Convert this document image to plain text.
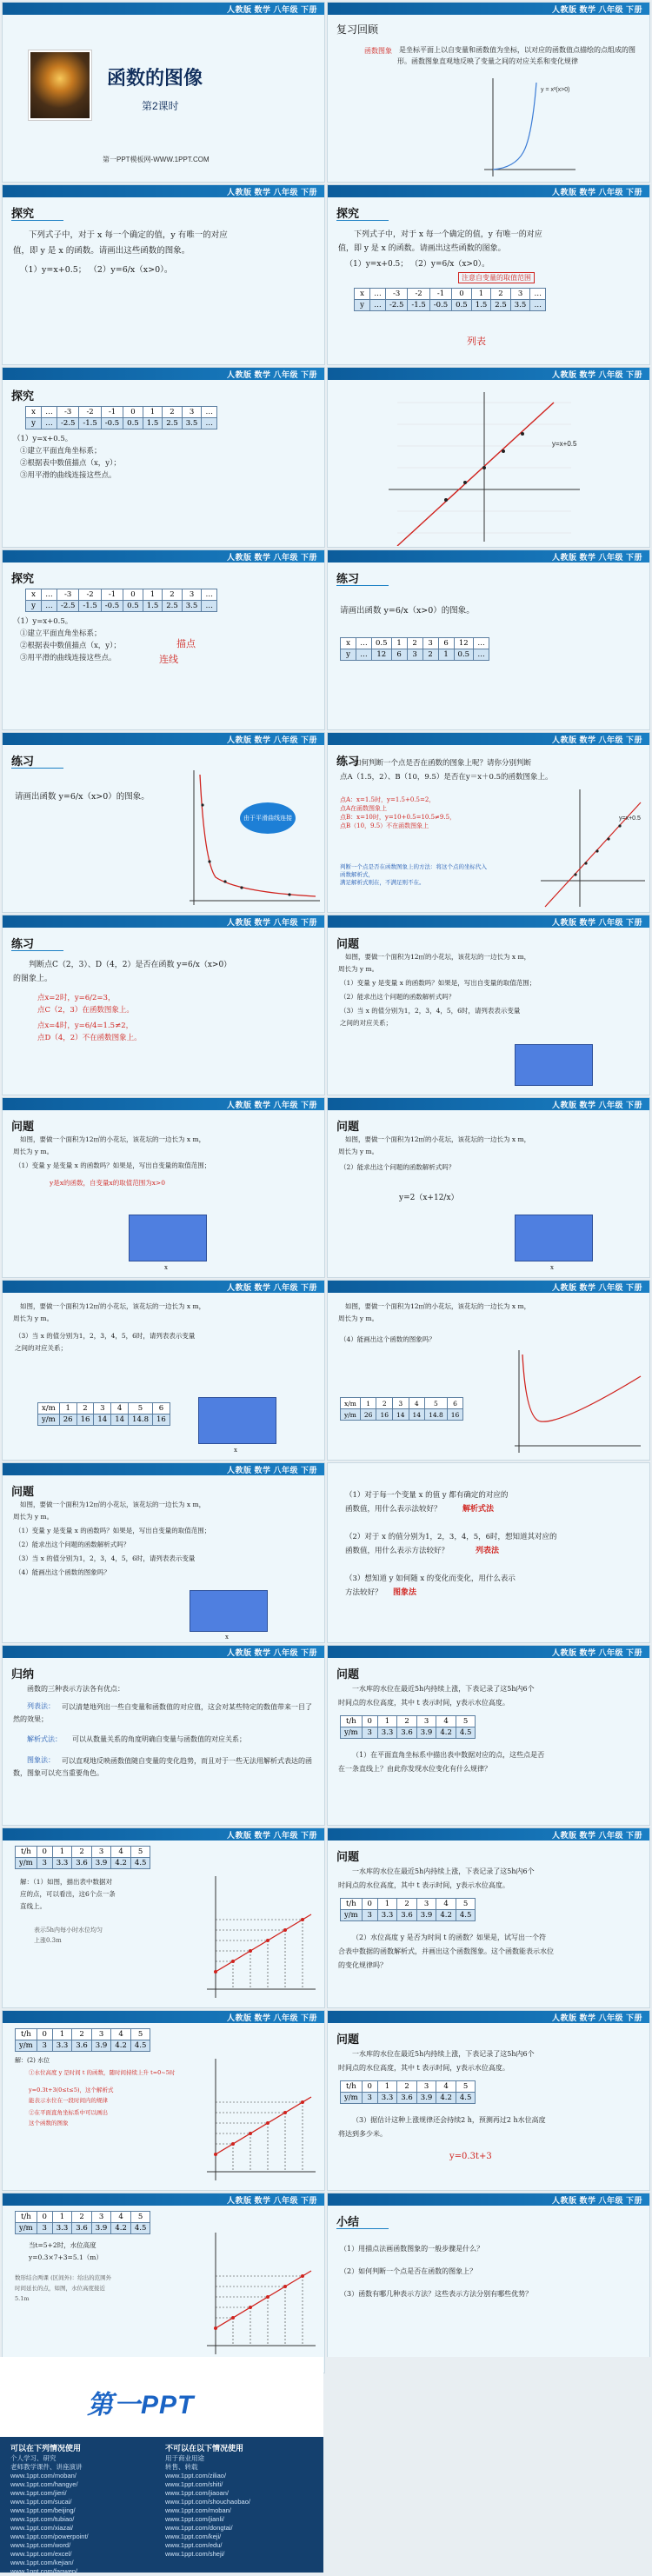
人教版 数学 八年级 下册
函数的图像
第2课时
第一PPT模板网-WWW.1PPT.COM
人教版 数学 八年级 下册
复习回顾
函数图象 是坐标平面上以自变量和函数值为坐标，以对应的函数值点描绘的点组成的图形。函数图象直观地反映了变量之间的对应关系和变化规律
y = x²(x>0)
人教版 数学 八年级 下册
探究
下列式子中，对于 x 每一个确定的值，y 有唯一的对应
值，即 y 是 x 的函数。请画出这些函数的图象。
（1）y=x+0.5； （2）y=6/x（x>0）。
人教版 数学 八年级 下册
探究
下列式子中，对于 x 每一个确定的值，y 有唯一的对应
值，即 y 是 x 的函数。请画出这些函数的图象。
（1）y=x+0.5； （2）y=6/x（x>0）。
注意自变量的取值范围
x	…	-3	-2	-1	0	1	2	3	…
y	…	-2.5	-1.5	-0.5	0.5	1.5	2.5	3.5	…
列表
人教版 数学 八年级 下册
探究
x	…	-3	-2	-1	0	1	2	3	…
y	…	-2.5	-1.5	-0.5	0.5	1.5	2.5	3.5	…
（1）y=x+0.5。
①建立平面直角坐标系；
②根据表中数值描点（x，y）；
③用平滑的曲线连接这些点。
人教版 数学 八年级 下册
y=x+0.5
人教版 数学 八年级 下册
探究
x	…	-3	-2	-1	0	1	2	3	…
y	…	-2.5	-1.5	-0.5	0.5	1.5	2.5	3.5	…
（1）y=x+0.5。
①建立平面直角坐标系；
②根据表中数值描点（x，y）；
③用平滑的曲线连接这些点。
描点
连线
人教版 数学 八年级 下册
练习
请画出函数 y=6/x（x>0）的图象。
x	…	0.5	1	2	3	6	12	…
y	…	12	6	3	2	1	0.5	…
人教版 数学 八年级 下册
练习
请画出函数 y=6/x（x>0）的图象。
由于平滑曲线连接
人教版 数学 八年级 下册
练习
如何判断一个点是否在函数的图象上呢？请你分别判断
点A（1.5，2）、B（10，9.5）是否在y＝x＋0.5的函数图象上。
点A：x=1.5时，y=1.5+0.5=2，
点A在函数图象上
点B：x=10时，y=10+0.5=10.5≠9.5，
点B（10，9.5）不在函数图象上
判断一个点是否在函数图象上的方法：将这个点的坐标代入函数解析式，
满足解析式则在，不满足则不在。
y=x+0.5
人教版 数学 八年级 下册
练习
判断点C（2，3）、D（4，2）是否在函数 y=6/x（x>0）
的图象上。
点x=2时，y=6/2=3，
点C（2，3）在函数图象上。
点x=4时，y=6/4=1.5≠2，
点D（4，2）不在函数图象上。
人教版 数学 八年级 下册
问题
如图，要做一个面积为12㎡的小花坛，该花坛的一边长为 x m，
周长为 y m。
（1）变量 y 是变量 x 的函数吗？如果是，写出自变量的取值范围；
（2）能求出这个问题的函数解析式吗？
（3）当 x 的值分别为1，2，3，4，5，6时，请列表表示变量
之间的对应关系；
人教版 数学 八年级 下册
问题
如图，要做一个面积为12㎡的小花坛，该花坛的一边长为 x m，
周长为 y m。
（1）变量 y 是变量 x 的函数吗？如果是，写出自变量的取值范围；
y是x的函数，自变量x的取值范围为x>0
x
人教版 数学 八年级 下册
问题
如图，要做一个面积为12㎡的小花坛，该花坛的一边长为 x m，
周长为 y m。
（2）能求出这个问题的函数解析式吗？
y=2（x+12/x）
x
人教版 数学 八年级 下册
如图，要做一个面积为12㎡的小花坛，该花坛的一边长为 x m，
周长为 y m。
（3）当 x 的值分别为1，2，3，4，5，6时，请列表表示变量
之间的对应关系；
x/m	1	2	3	4	5	6
y/m	26	16	14	14	14.8	16
x
人教版 数学 八年级 下册
如图，要做一个面积为12㎡的小花坛，该花坛的一边长为 x m，
周长为 y m。
（4）能画出这个函数的图象吗？
x/m	1	2	3	4	5	6
y/m	26	16	14	14	14.8	16
人教版 数学 八年级 下册
问题
如图，要做一个面积为12㎡的小花坛，该花坛的一边长为 x m，
周长为 y m。
（1）变量 y 是变量 x 的函数吗？如果是，写出自变量的取值范围；
（2）能求出这个问题的函数解析式吗？
（3）当 x 的值分别为1，2，3，4，5，6时，请列表表示变量
（4）能画出这个函数的图象吗？
x
（1）对于每一个变量 x 的值 y 都有确定的对应的
函数值，用什么表示法较好？	解析式法
（2）对于 x 的值分别为1，2，3，4，5，6时，想知道其对应的
函数值，用什么表示方法较好？	列表法
（3）想知道 y 如何随 x 的变化而变化，用什么表示
方法较好？ 图象法
人教版 数学 八年级 下册
归纳
函数的三种表示方法各有优点：
列表法：	可以清楚地列出一些自变量和函数值的对应值，这会对某些特定的数值带来一目了然的效果；
解析式法： 可以从数量关系的角度明确自变量与函数值的对应关系；
图象法：	可以直观地反映函数值随自变量的变化趋势，而且对于一些无法用解析式表达的函数，图象可以充当重要角色。
人教版 数学 八年级 下册
问题
一水库的水位在最近5h内持续上涨，下表记录了这5h内6个
时间点的水位高度，其中 t 表示时间，y表示水位高度。
t/h	0	1	2	3	4	5
y/m	3	3.3	3.6	3.9	4.2	4.5
（1）在平面直角坐标系中描出表中数据对应的点，这些点是否
在一条直线上？由此你发现水位变化有什么规律？
人教版 数学 八年级 下册
t/h	0	1	2	3	4	5
y/m	3	3.3	3.6	3.9	4.2	4.5
解：（1）如图，描出表中数据对
应的点，可以看出，这6个点一条
直线上。
表示5h内每小时水位均匀
上涨0.3m
人教版 数学 八年级 下册
问题
一水库的水位在最近5h内持续上涨，下表记录了这5h内6个
时间点的水位高度，其中 t 表示时间，y表示水位高度。
t/h	0	1	2	3	4	5
y/m	3	3.3	3.6	3.9	4.2	4.5
（2）水位高度 y 是否为时间 t 的函数？如果是，试写出一个符
合表中数据的函数解析式，并画出这个函数图象。这个函数能表示水位
的变化规律吗？
人教版 数学 八年级 下册
t/h	0	1	2	3	4	5
y/m	3	3.3	3.6	3.9	4.2	4.5
解：(2) 水位
①水位高度 y 是时间 t 的函数，随时间持续上升 t=0~5时
y=0.3t+3(0≤t≤5)，这个解析式
能表示水位在一段时间内的规律
②在平面直角坐标系中可以画出
这个函数的图象
人教版 数学 八年级 下册
问题
一水库的水位在最近5h内持续上涨，下表记录了这5h内6个
时间点的水位高度，其中 t 表示时间，y表示水位高度。
t/h	0	1	2	3	4	5
y/m	3	3.3	3.6	3.9	4.2	4.5
（3）据估计这种上涨规律还会持续2 h，预测再过2 h水位高度
将达到多少米。
y=0.3t+3
人教版 数学 八年级 下册
t/h	0	1	2	3	4	5
y/m	3	3.3	3.6	3.9	4.2	4.5
当t=5+2时，水位高度
y=0.3×7+3=5.1（m）
数形结合两课 (区间外)：给出的范围外
时间延长的点，如图，水位高度接近
5.1m
人教版 数学 八年级 下册
小结
（1）用描点法画函数图象的一般步骤是什么？
（2）如何判断一个点是否在函数的图象上？
（3）函数有哪几种表示方法？这些表示方法分别有哪些优势？
第一PPT
可以在下列情况使用	不可以在以下情况使用
个人学习、研究
老师教学课件、讲座演讲
www.1ppt.com/moban/
www.1ppt.com/hangye/
www.1ppt.com/jieri/
www.1ppt.com/sucai/
www.1ppt.com/beijing/
www.1ppt.com/tubiao/
www.1ppt.com/xiazai/
www.1ppt.com/powerpoint/
www.1ppt.com/word/
www.1ppt.com/excel/
www.1ppt.com/kejian/
www.1ppt.com/fanwen/
用于商业用途
转售、转载
www.1ppt.com/ziliao/
www.1ppt.com/shiti/
www.1ppt.com/jiaoan/
www.1ppt.com/shouchaobao/
www.1ppt.com/moban/
www.1ppt.com/jianli/
www.1ppt.com/dongtai/
www.1ppt.com/keji/
www.1ppt.com/edu/
www.1ppt.com/sheji/
